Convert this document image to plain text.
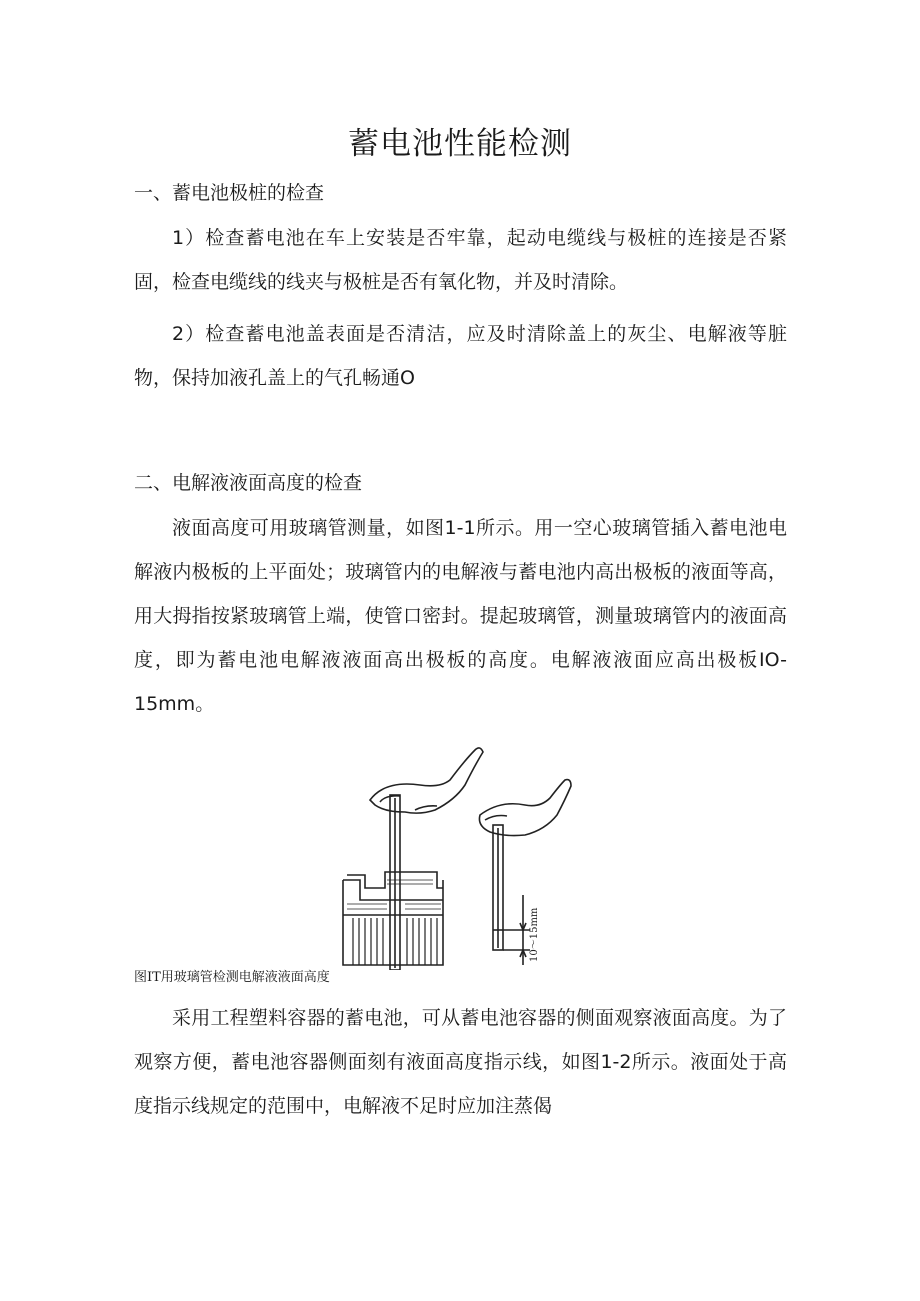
蓄电池性能检测
一、蓄电池极桩的检查

1）检查蓄电池在车上安装是否牢靠，起动电缆线与极桩的连接是否紧固，检查电缆线的线夹与极桩是否有氧化物，并及时清除。

2）检查蓄电池盖表面是否清洁，应及时清除盖上的灰尘、电解液等脏物，保持加液孔盖上的气孔畅通O

二、电解液液面高度的检查

液面高度可用玻璃管测量，如图1-1所示。用一空心玻璃管插入蓄电池电解液内极板的上平面处；玻璃管内的电解液与蓄电池内高出极板的液面等高，用大拇指按紧玻璃管上端，使管口密封。提起玻璃管，测量玻璃管内的液面高度，即为蓄电池电解液液面高出极板的高度。电解液液面应高出极板IO-15mm。

10～15mm
图IT用玻璃管检测电解液液面高度

采用工程塑料容器的蓄电池，可从蓄电池容器的侧面观察液面高度。为了观察方便，蓄电池容器侧面刻有液面高度指示线，如图1-2所示。液面处于高度指示线规定的范围中，电解液不足时应加注蒸偈
